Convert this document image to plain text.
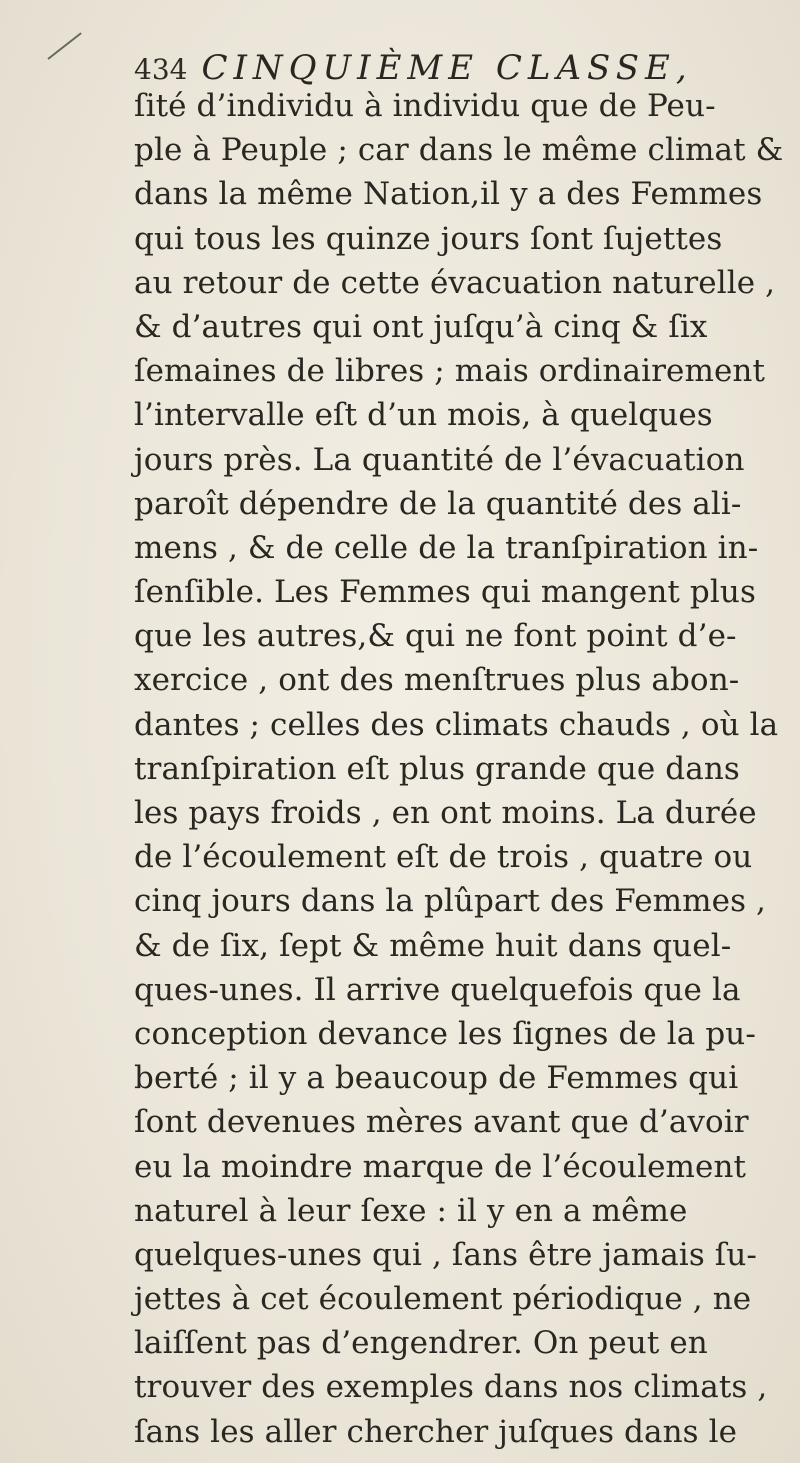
434 CINQUIÈME CLASSE,
ſité d’individu à individu que de Peu-
ple à Peuple ; car dans le même climat &
dans la même Nation,il y a des Femmes
qui tous les quinze jours ſont ſujettes
au retour de cette évacuation naturelle ,
& d’autres qui ont juſqu’à cinq & ſix
ſemaines de libres ; mais ordinairement
l’intervalle eſt d’un mois, à quelques
jours près. La quantité de l’évacuation
paroît dépendre de la quantité des ali-
mens , & de celle de la tranſpiration in-
ſenſible. Les Femmes qui mangent plus
que les autres,& qui ne font point d’e-
xercice , ont des menſtrues plus abon-
dantes ; celles des climats chauds , où la
tranſpiration eſt plus grande que dans
les pays froids , en ont moins. La durée
de l’écoulement eſt de trois , quatre ou
cinq jours dans la plûpart des Femmes ,
& de ſix, ſept & même huit dans quel-
ques-unes. Il arrive quelquefois que la
conception devance les ſignes de la pu-
berté ; il y a beaucoup de Femmes qui
ſont devenues mères avant que d’avoir
eu la moindre marque de l’écoulement
naturel à leur ſexe : il y en a même
quelques-unes qui , ſans être jamais ſu-
jettes à cet écoulement périodique , ne
laiſſent pas d’engendrer. On peut en
trouver des exemples dans nos climats ,
ſans les aller chercher juſques dans le
